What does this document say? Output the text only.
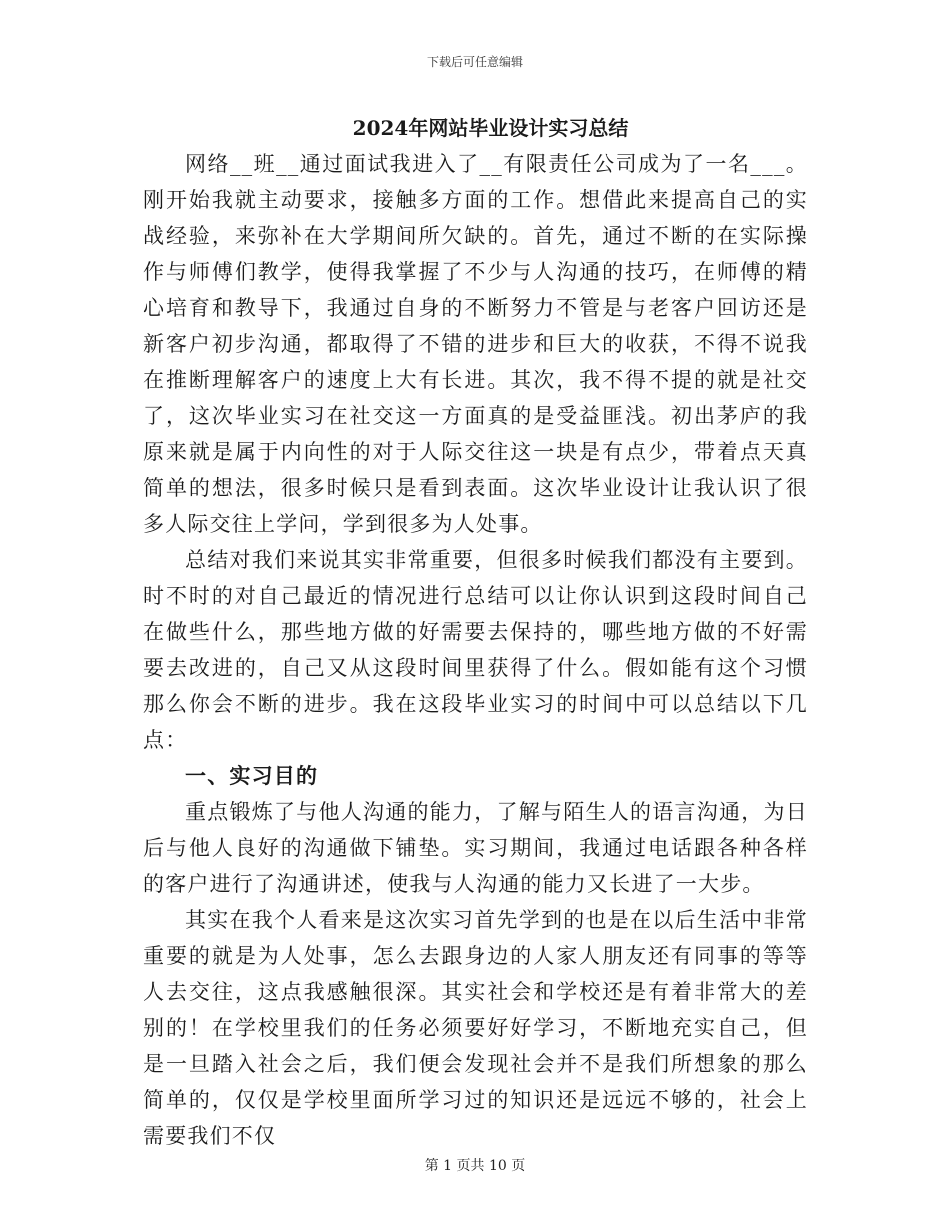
下载后可任意编辑
2024年网站毕业设计实习总结

网络__班__通过面试我进入了__有限责任公司成为了一名___。刚开始我就主动要求，接触多方面的工作。想借此来提高自己的实战经验，来弥补在大学期间所欠缺的。首先，通过不断的在实际操作与师傅们教学，使得我掌握了不少与人沟通的技巧，在师傅的精心培育和教导下，我通过自身的不断努力不管是与老客户回访还是新客户初步沟通，都取得了不错的进步和巨大的收获，不得不说我在推断理解客户的速度上大有长进。其次，我不得不提的就是社交了，这次毕业实习在社交这一方面真的是受益匪浅。初出茅庐的我原来就是属于内向性的对于人际交往这一块是有点少，带着点天真简单的想法，很多时候只是看到表面。这次毕业设计让我认识了很多人际交往上学问，学到很多为人处事。

总结对我们来说其实非常重要，但很多时候我们都没有主要到。时不时的对自己最近的情况进行总结可以让你认识到这段时间自己在做些什么，那些地方做的好需要去保持的，哪些地方做的不好需要去改进的，自己又从这段时间里获得了什么。假如能有这个习惯那么你会不断的进步。我在这段毕业实习的时间中可以总结以下几点：

一、实习目的

重点锻炼了与他人沟通的能力，了解与陌生人的语言沟通，为日后与他人良好的沟通做下铺垫。实习期间，我通过电话跟各种各样的客户进行了沟通讲述，使我与人沟通的能力又长进了一大步。

其实在我个人看来是这次实习首先学到的也是在以后生活中非常重要的就是为人处事，怎么去跟身边的人家人朋友还有同事的等等人去交往，这点我感触很深。其实社会和学校还是有着非常大的差别的！在学校里我们的任务必须要好好学习，不断地充实自己，但是一旦踏入社会之后，我们便会发现社会并不是我们所想象的那么简单的，仅仅是学校里面所学习过的知识还是远远不够的，社会上需要我们不仅

第 1 页共 10 页
